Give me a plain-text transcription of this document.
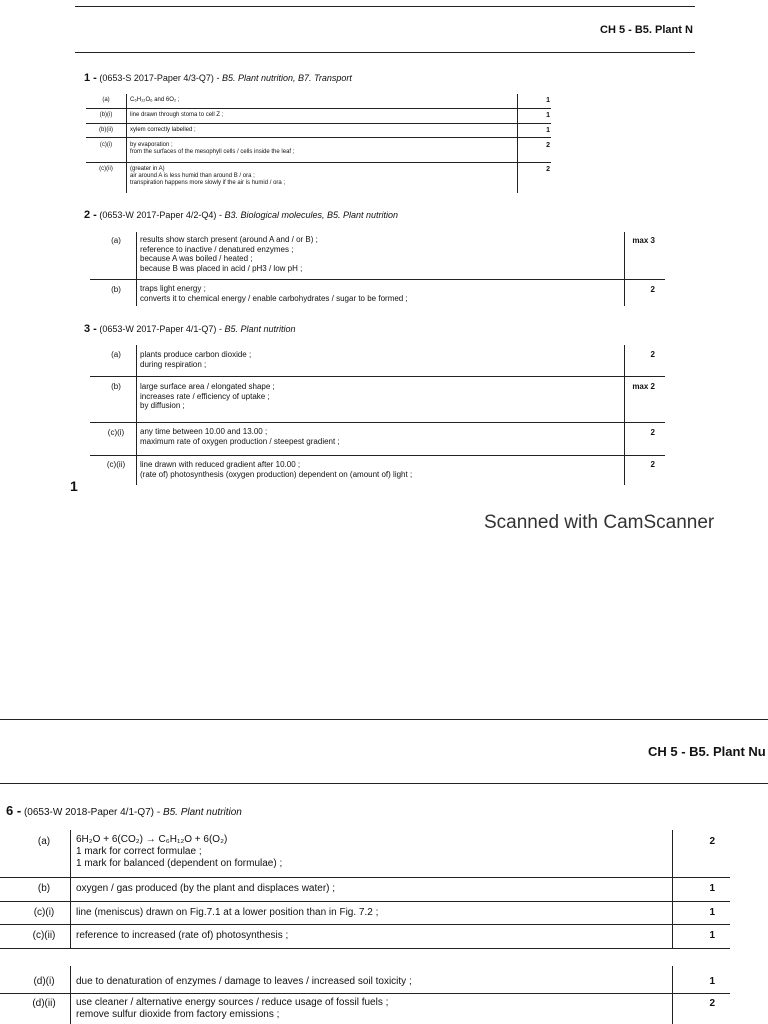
​
CH 5 - B5. Plant N
1 - (0653-S 2017-Paper 4/3-Q7) - B5. Plant nutrition, B7. Transport
(a)	C₆H₁₂O₆ and 6O₂ ;	1
(b)(i)	line drawn through stoma to cell Z ;	1
(b)(ii)	xylem correctly labelled ;	1
(c)(i)	by evaporation ;
from the surfaces of the mesophyll cells / cells inside the leaf ;
2
(c)(ii)	(greater in A)
air around A is less humid than around B / ora ;
transpiration happens more slowly if the air is humid / ora ;
2
2 - (0653-W 2017-Paper 4/2-Q4) - B3. Biological molecules, B5. Plant nutrition
(a)	results show starch present (around A and / or B) ;
reference to inactive / denatured enzymes ;
because A was boiled / heated ;
because B was placed in acid / pH3 / low pH ;
max 3
(b)	traps light energy ;
converts it to chemical energy / enable carbohydrates / sugar to be formed ;
2
3 - (0653-W 2017-Paper 4/1-Q7) - B5. Plant nutrition
(a)	plants produce carbon dioxide ;
during respiration ;
2
(b)	large surface area / elongated shape ;
increases rate / efficiency of uptake ;
by diffusion ;
max 2
(c)(i)	any time between 10.00 and 13.00 ;
maximum rate of oxygen production / steepest gradient ;
2
(c)(ii)	line drawn with reduced gradient after 10.00 ;
(rate of) photosynthesis (oxygen production) dependent on (amount of) light ;
2
1
Scanned with CamScanner
CH 5 - B5. Plant Nu
6 - (0653-W 2018-Paper 4/1-Q7) - B5. Plant nutrition
(a)	6H₂O + 6(CO₂) → C₆H₁₂O + 6(O₂)
1 mark for correct formulae ;
1 mark for balanced (dependent on formulae) ;
2
(b)	oxygen / gas produced (by the plant and displaces water) ;	1
(c)(i)	line (meniscus) drawn on Fig.7.1 at a lower position than in Fig. 7.2 ;	1
(c)(ii)	reference to increased (rate of) photosynthesis ;	1
(d)(i)	due to denaturation of enzymes / damage to leaves / increased soil toxicity ;	1
(d)(ii)	use cleaner / alternative energy sources / reduce usage of fossil fuels ;
remove sulfur dioxide from factory emissions ;
2
